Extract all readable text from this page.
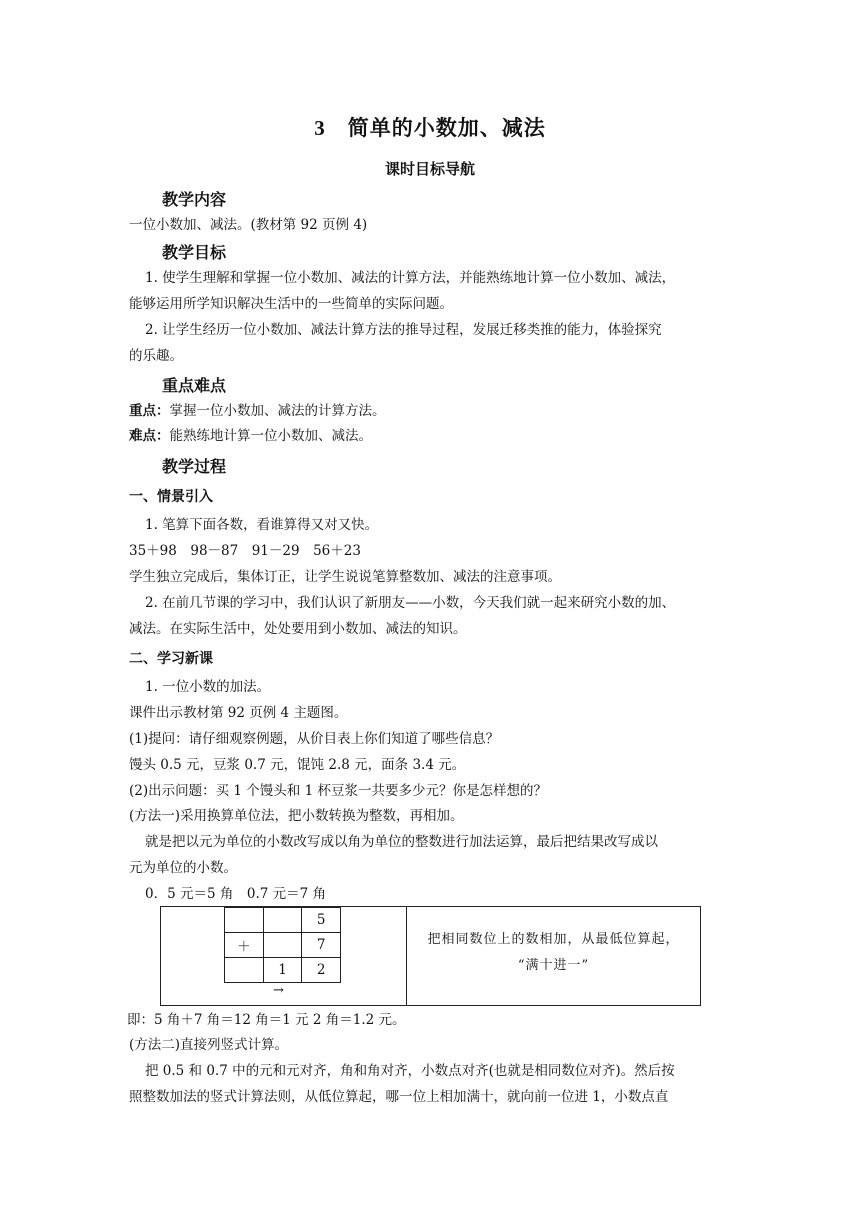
3 简单的小数加、减法
课时目标导航
教学内容
一位小数加、减法。(教材第 92 页例 4)
教学目标
1. 使学生理解和掌握一位小数加、减法的计算方法，并能熟练地计算一位小数加、减法，
能够运用所学知识解决生活中的一些简单的实际问题。
2. 让学生经历一位小数加、减法计算方法的推导过程，发展迁移类推的能力，体验探究
的乐趣。
重点难点
重点：掌握一位小数加、减法的计算方法。
难点：能熟练地计算一位小数加、减法。
教学过程
一、情景引入
1. 笔算下面各数，看谁算得又对又快。
35＋98　98－87　91－29　56＋23
学生独立完成后，集体订正，让学生说说笔算整数加、减法的注意事项。
2. 在前几节课的学习中，我们认识了新朋友——小数，今天我们就一起来研究小数的加、
减法。在实际生活中，处处要用到小数加、减法的知识。
二、学习新课
1. 一位小数的加法。
课件出示教材第 92 页例 4 主题图。
(1)提问：请仔细观察例题，从价目表上你们知道了哪些信息？
馒头 0.5 元，豆浆 0.7 元，馄饨 2.8 元，面条 3.4 元。
(2)出示问题：买 1 个馒头和 1 杯豆浆一共要多少元？你是怎样想的？
(方法一)采用换算单位法，把小数转换为整数，再相加。
就是把以元为单位的小数改写成以角为单位的整数进行加法运算，最后把结果改写成以
元为单位的小数。
0．5 元＝5 角　0.7 元＝7 角
		5
＋		7
	1	2
→
把相同数位上的数相加，从最低位算起，
“满十进一”
即：5 角＋7 角＝12 角＝1 元 2 角＝1.2 元。
(方法二)直接列竖式计算。
把 0.5 和 0.7 中的元和元对齐，角和角对齐，小数点对齐(也就是相同数位对齐)。然后按
照整数加法的竖式计算法则，从低位算起，哪一位上相加满十，就向前一位进 1，小数点直
